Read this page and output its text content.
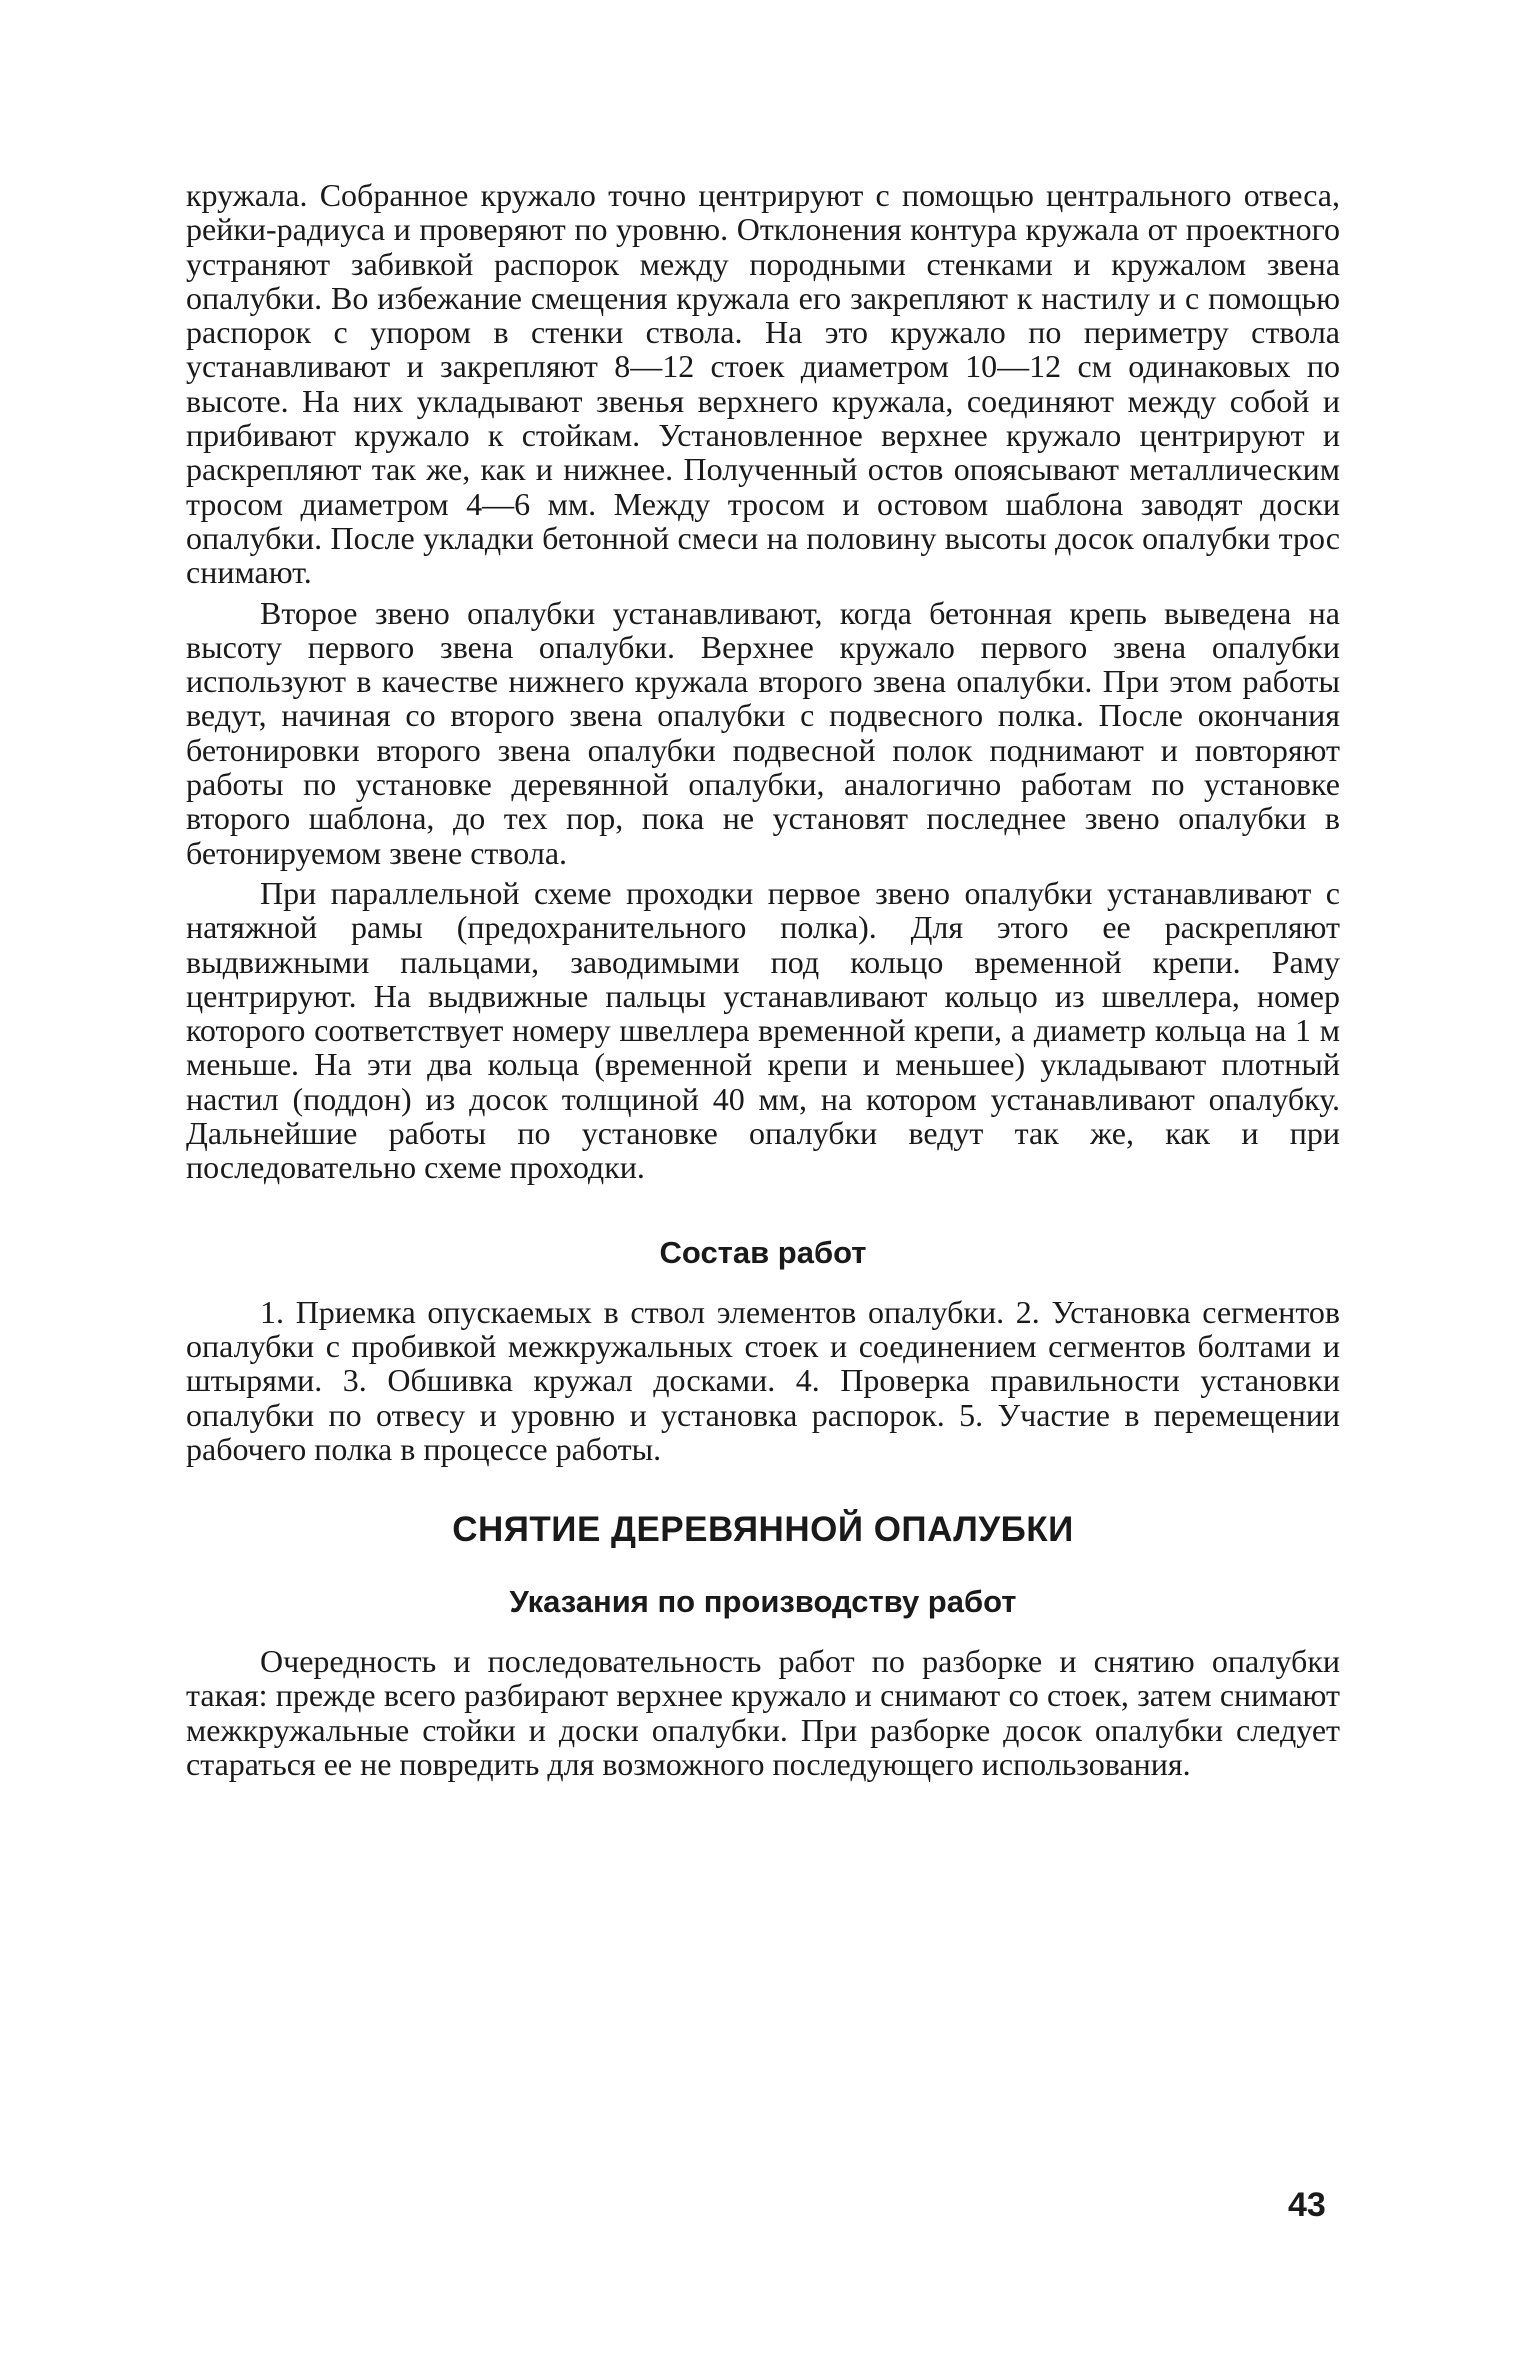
кружала. Собранное кружало точно центрируют с помощью центрального отвеса, рейки-радиуса и проверяют по уровню. Отклонения контура кружала от проектного устраняют забивкой распорок между породными стенками и кружалом звена опалубки. Во избежание смещения кружала его закрепляют к настилу и с помощью распорок с упором в стенки ствола. На это кружало по периметру ствола устанавливают и закрепляют 8—12 стоек диаметром 10—12 см одинаковых по высоте. На них укладывают звенья верхнего кружала, соединяют между собой и прибивают кружало к стойкам. Установленное верхнее кружало центрируют и раскрепляют так же, как и нижнее. Полученный остов опоясывают металлическим тросом диаметром 4—6 мм. Между тросом и остовом шаблона заводят доски опалубки. После укладки бетонной смеси на половину высоты досок опалубки трос снимают.

Второе звено опалубки устанавливают, когда бетонная крепь выведена на высоту первого звена опалубки. Верхнее кружало первого звена опалубки используют в качестве нижнего кружала второго звена опалубки. При этом работы ведут, начиная со второго звена опалубки с подвесного полка. После окончания бетонировки второго звена опалубки подвесной полок поднимают и повторяют работы по установке деревянной опалубки, аналогично работам по установке второго шаблона, до тех пор, пока не установят последнее звено опалубки в бетонируемом звене ствола.

При параллельной схеме проходки первое звено опалубки устанавливают с натяжной рамы (предохранительного полка). Для этого ее раскрепляют выдвижными пальцами, заводимыми под кольцо временной крепи. Раму центрируют. На выдвижные пальцы устанавливают кольцо из швеллера, номер которого соответствует номеру швеллера временной крепи, а диаметр кольца на 1 м меньше. На эти два кольца (временной крепи и меньшее) укладывают плотный настил (поддон) из досок толщиной 40 мм, на котором устанавливают опалубку. Дальнейшие работы по установке опалубки ведут так же, как и при последовательно схеме проходки.

Состав работ

1. Приемка опускаемых в ствол элементов опалубки. 2. Установка сегментов опалубки с пробивкой межкружальных стоек и соединением сегментов болтами и штырями. 3. Обшивка кружал досками. 4. Проверка правильности установки опалубки по отвесу и уровню и установка распорок. 5. Участие в перемещении рабочего полка в процессе работы.

СНЯТИЕ ДЕРЕВЯННОЙ ОПАЛУБКИ
Указания по производству работ

Очередность и последовательность работ по разборке и снятию опалубки такая: прежде всего разбирают верхнее кружало и снимают со стоек, затем снимают межкружальные стойки и доски опалубки. При разборке досок опалубки следует стараться ее не повредить для возможного последующего использования.

43
